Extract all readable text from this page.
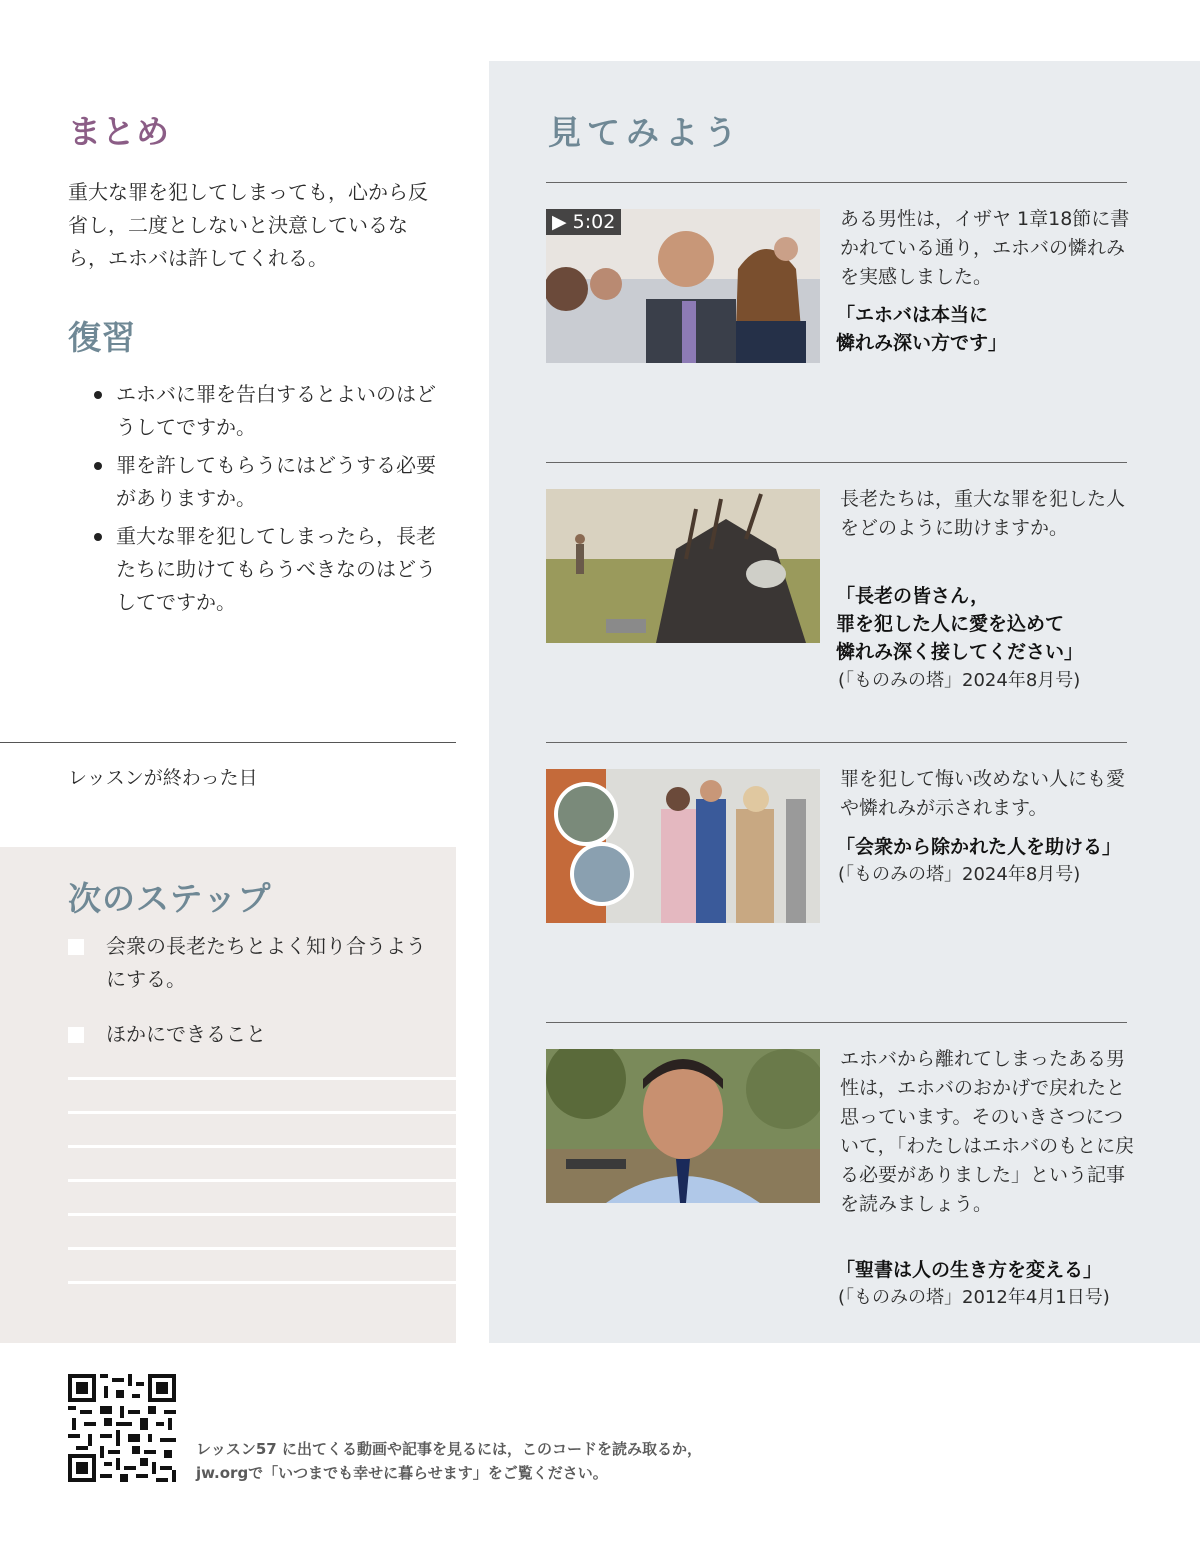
まとめ

重大な罪を犯してしまっても，心から反省し，二度としないと決意しているなら，エホバは許してくれる。

復習
エホバに罪を告白するとよいのはどうしてですか。
罪を許してもらうにはどうする必要がありますか。
重大な罪を犯してしまったら，長老たちに助けてもらうべきなのはどうしてですか。
レッスンが終わった日
次のステップ

会衆の長老たちとよく知り合うようにする。

ほかにできること

見てみよう
▶ 5:02	ある男性は，イザヤ 1章18節に書かれている通り，エホバの憐れみを実感しました。

「エホバは本当に
憐れみ深い方です」

長老たちは，重大な罪を犯した人をどのように助けますか。

「長老の皆さん，
罪を犯した人に愛を込めて
憐れみ深く接してください」

(「ものみの塔」2024年8月号)

罪を犯して悔い改めない人にも愛や憐れみが示されます。

「会衆から除かれた人を助ける」

(「ものみの塔」2024年8月号)

エホバから離れてしまったある男性は，エホバのおかげで戻れたと思っています。そのいきさつについて，「わたしはエホバのもとに戻る必要がありました」という記事を読みましょう。

「聖書は人の生き方を変える」

(「ものみの塔」2012年4月1日号)

レッスン57 に出てくる動画や記事を見るには，このコードを読み取るか，
jw.orgで「いつまでも幸せに暮らせます」をご覧ください。
